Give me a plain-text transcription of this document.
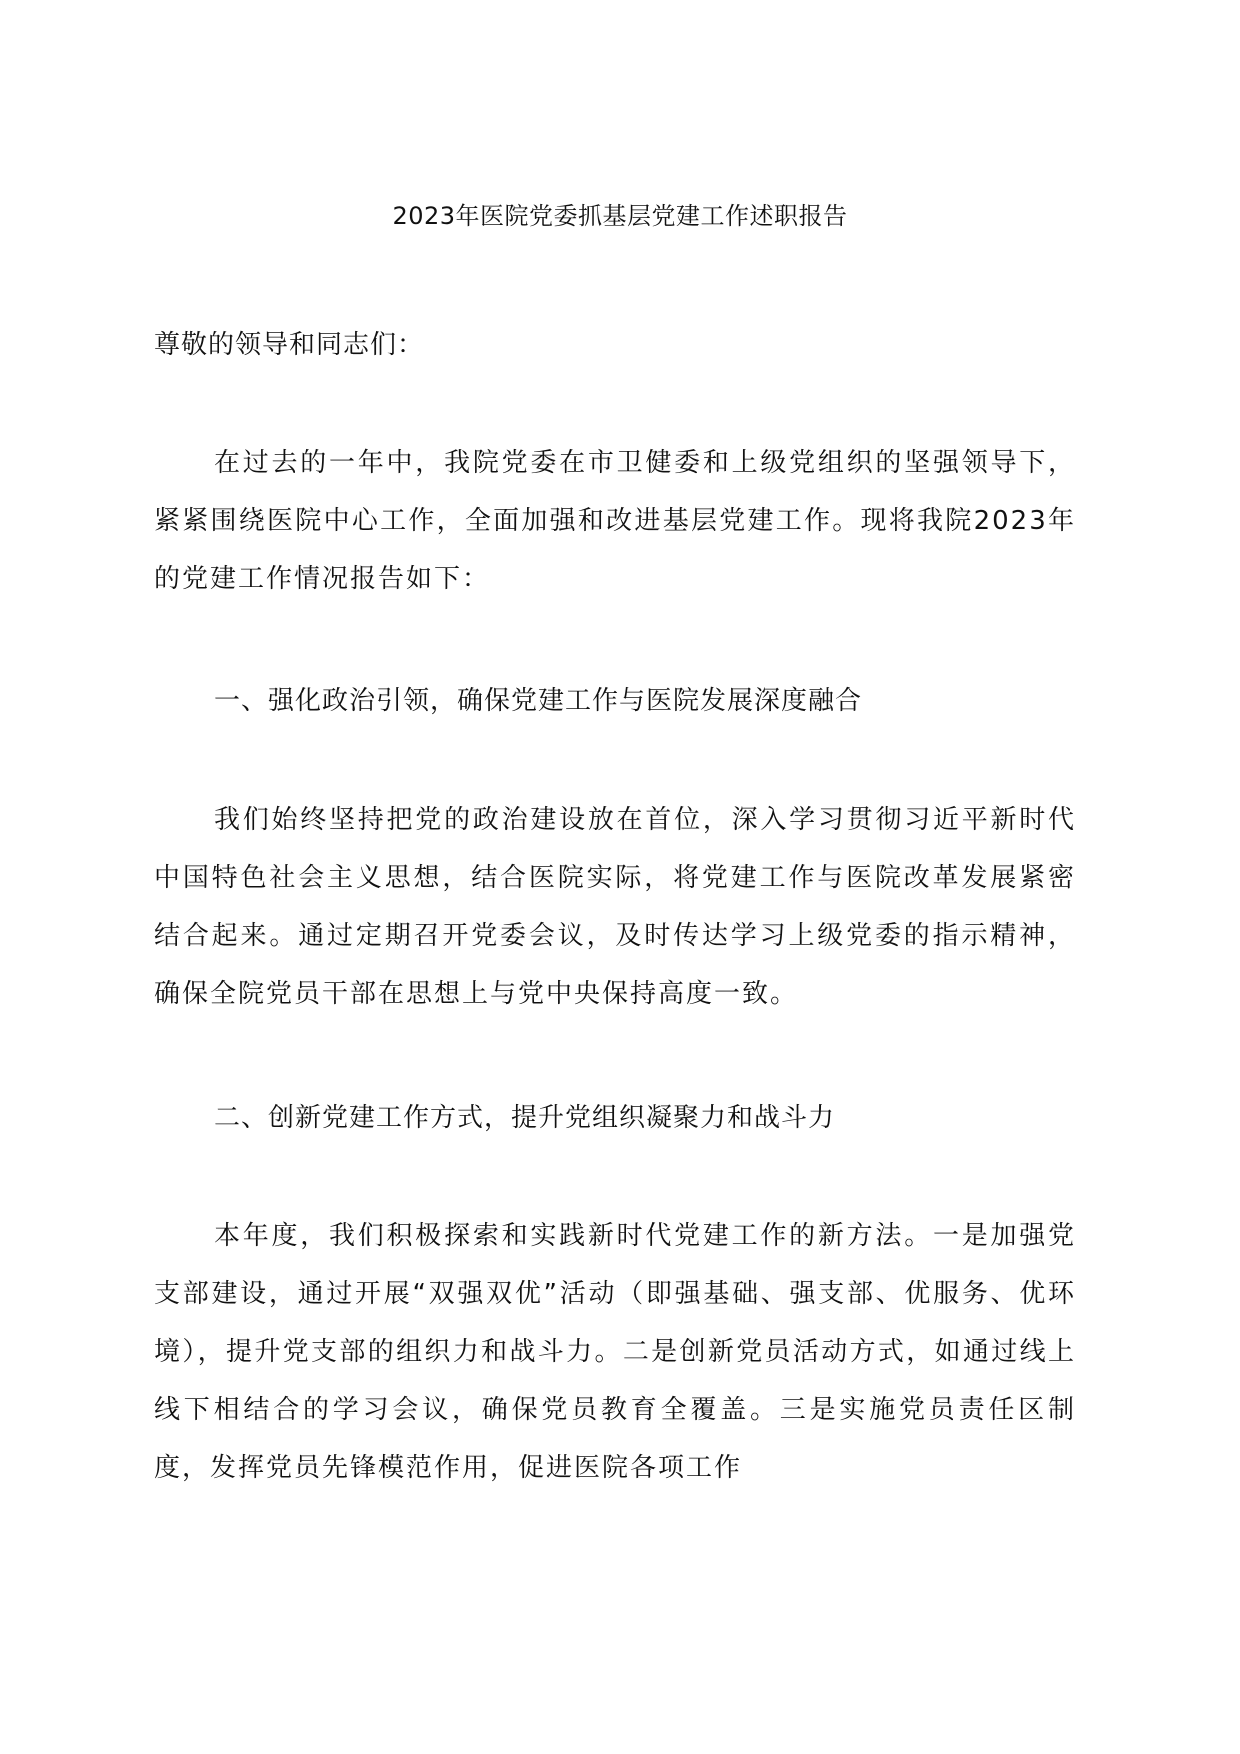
2023年医院党委抓基层党建工作述职报告

尊敬的领导和同志们：

在过去的一年中，我院党委在市卫健委和上级党组织的坚强领导下，紧紧围绕医院中心工作，全面加强和改进基层党建工作。现将我院2023年的党建工作情况报告如下：

一、强化政治引领，确保党建工作与医院发展深度融合

我们始终坚持把党的政治建设放在首位，深入学习贯彻习近平新时代中国特色社会主义思想，结合医院实际，将党建工作与医院改革发展紧密结合起来。通过定期召开党委会议，及时传达学习上级党委的指示精神，确保全院党员干部在思想上与党中央保持高度一致。

二、创新党建工作方式，提升党组织凝聚力和战斗力

本年度，我们积极探索和实践新时代党建工作的新方法。一是加强党支部建设，通过开展“双强双优”活动（即强基础、强支部、优服务、优环境），提升党支部的组织力和战斗力。二是创新党员活动方式，如通过线上线下相结合的学习会议，确保党员教育全覆盖。三是实施党员责任区制度，发挥党员先锋模范作用，促进医院各项工作
